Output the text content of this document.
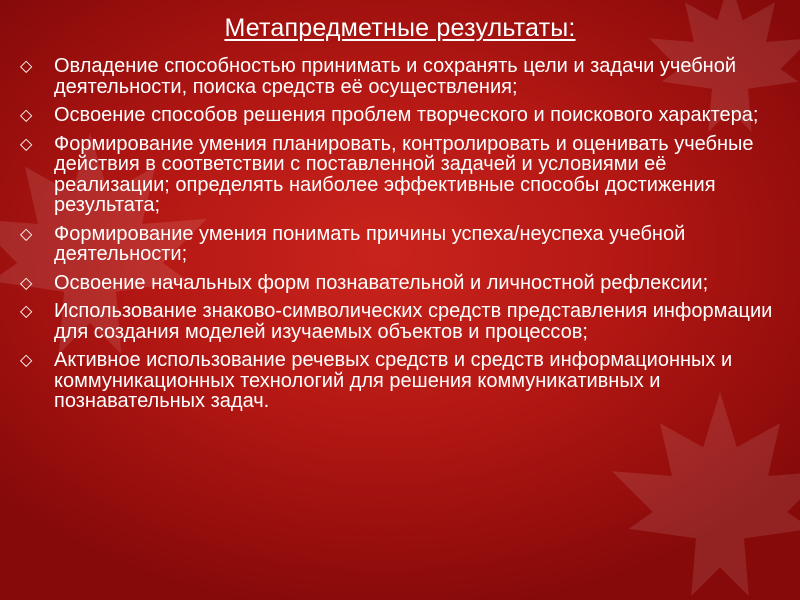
Метапредметные результаты:
◇ Овладение способностью принимать и сохранять цели и задачи учебной деятельности, поиска средств её осуществления;
◇ Освоение способов решения проблем творческого и поискового характера;
◇ Формирование умения планировать, контролировать и оценивать учебные действия в соответствии с поставленной задачей и условиями её реализации; определять наиболее эффективные способы достижения результата;
◇ Формирование умения понимать причины успеха/неуспеха учебной деятельности;
◇ Освоение начальных форм познавательной и личностной рефлексии;
◇ Использование знаково-символических средств представления информации для создания моделей изучаемых объектов и процессов;
◇ Активное использование речевых средств и средств информационных и коммуникационных технологий для решения коммуникативных и познавательных задач.
